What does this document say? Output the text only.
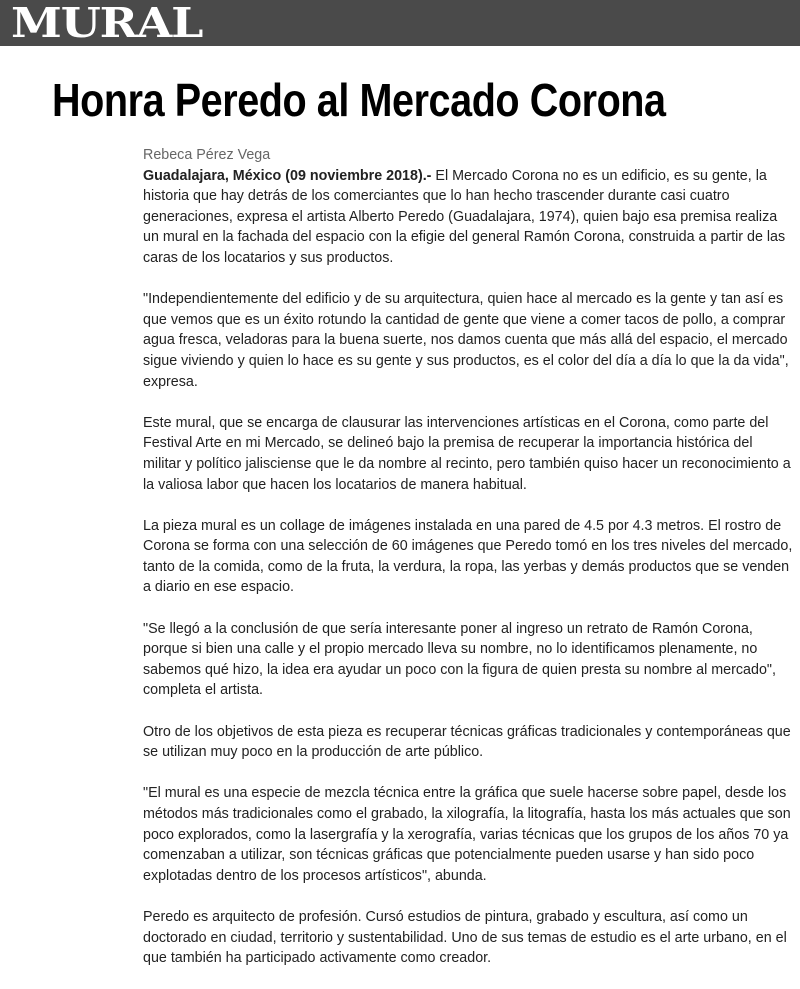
MURAL
Honra Peredo al Mercado Corona

Rebeca Pérez Vega

Guadalajara, México (09 noviembre 2018).- El Mercado Corona no es un edificio, es su gente, la historia que hay detrás de los comerciantes que lo han hecho trascender durante casi cuatro generaciones, expresa el artista Alberto Peredo (Guadalajara, 1974), quien bajo esa premisa realiza un mural en la fachada del espacio con la efigie del general Ramón Corona, construida a partir de las caras de los locatarios y sus productos.

"Independientemente del edificio y de su arquitectura, quien hace al mercado es la gente y tan así es que vemos que es un éxito rotundo la cantidad de gente que viene a comer tacos de pollo, a comprar agua fresca, veladoras para la buena suerte, nos damos cuenta que más allá del espacio, el mercado sigue viviendo y quien lo hace es su gente y sus productos, es el color del día a día lo que la da vida", expresa.

Este mural, que se encarga de clausurar las intervenciones artísticas en el Corona, como parte del Festival Arte en mi Mercado, se delineó bajo la premisa de recuperar la importancia histórica del militar y político jalisciense que le da nombre al recinto, pero también quiso hacer un reconocimiento a la valiosa labor que hacen los locatarios de manera habitual.

La pieza mural es un collage de imágenes instalada en una pared de 4.5 por 4.3 metros. El rostro de Corona se forma con una selección de 60 imágenes que Peredo tomó en los tres niveles del mercado, tanto de la comida, como de la fruta, la verdura, la ropa, las yerbas y demás productos que se venden a diario en ese espacio.

"Se llegó a la conclusión de que sería interesante poner al ingreso un retrato de Ramón Corona, porque si bien una calle y el propio mercado lleva su nombre, no lo identificamos plenamente, no sabemos qué hizo, la idea era ayudar un poco con la figura de quien presta su nombre al mercado", completa el artista.

Otro de los objetivos de esta pieza es recuperar técnicas gráficas tradicionales y contemporáneas que se utilizan muy poco en la producción de arte público.

"El mural es una especie de mezcla técnica entre la gráfica que suele hacerse sobre papel, desde los métodos más tradicionales como el grabado, la xilografía, la litografía, hasta los más actuales que son poco explorados, como la lasergrafía y la xerografía, varias técnicas que los grupos de los años 70 ya comenzaban a utilizar, son técnicas gráficas que potencialmente pueden usarse y han sido poco explotadas dentro de los procesos artísticos", abunda.

Peredo es arquitecto de profesión. Cursó estudios de pintura, grabado y escultura, así como un doctorado en ciudad, territorio y sustentabilidad. Uno de sus temas de estudio es el arte urbano, en el que también ha participado activamente como creador.
